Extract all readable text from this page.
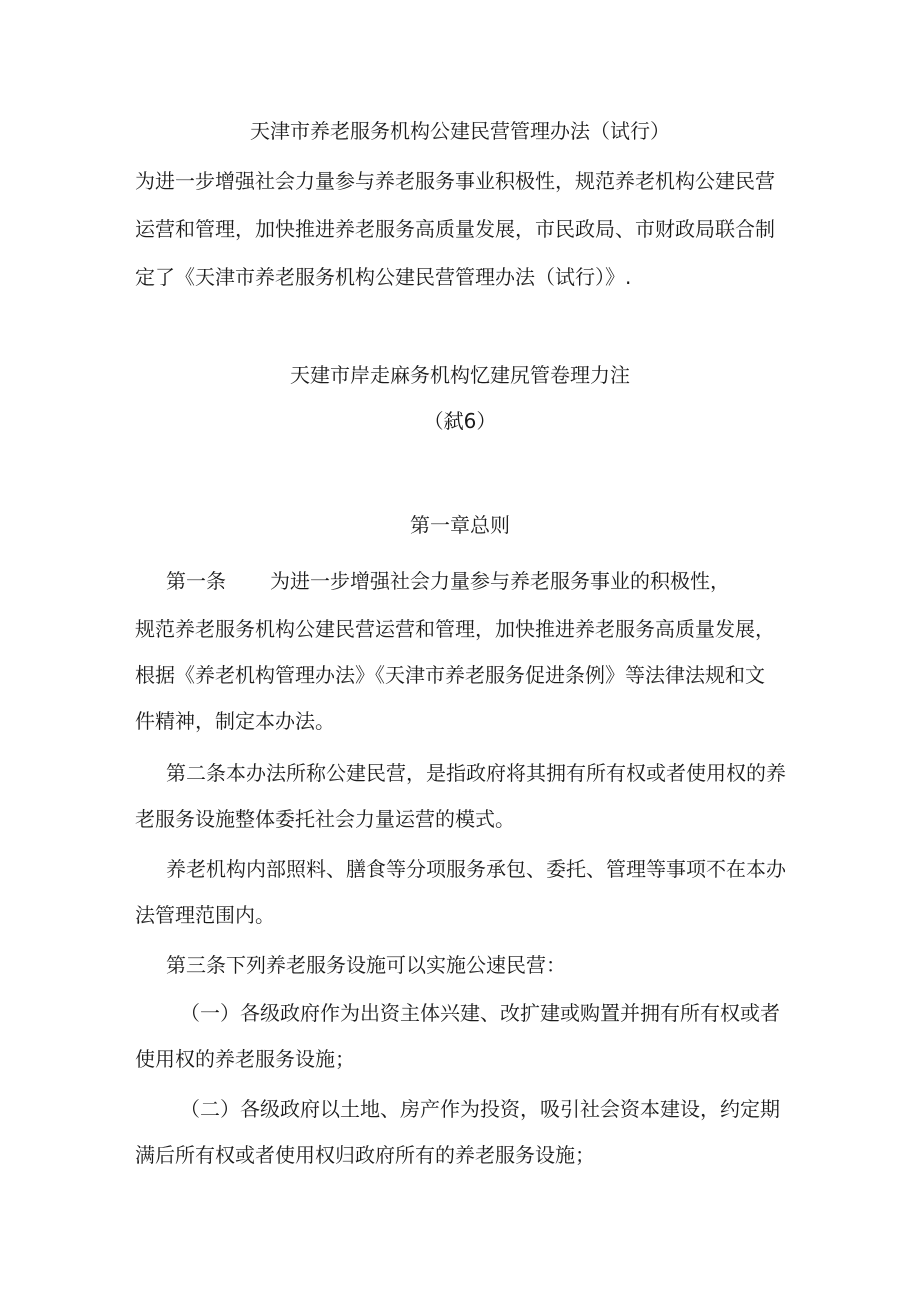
天津市养老服务机构公建民营管理办法（试行）
为进一步增强社会力量参与养老服务事业积极性，规范养老机构公建民营
运营和管理，加快推进养老服务高质量发展，市民政局、市财政局联合制
定了《天津市养老服务机构公建民营管理办法（试行）》.
天建市岸走麻务机构忆建尻管卷理力注
（弑6）
第一章总则
第一条 为进一步增强社会力量参与养老服务事业的积极性，
规范养老服务机构公建民营运营和管理，加快推进养老服务高质量发展，
根据《养老机构管理办法》《天津市养老服务促进条例》等法律法规和文
件精神，制定本办法。
第二条本办法所称公建民营，是指政府将其拥有所有权或者使用权的养
老服务设施整体委托社会力量运营的模式。
养老机构内部照料、膳食等分项服务承包、委托、管理等事项不在本办
法管理范围内。
第三条下列养老服务设施可以实施公速民营：
（一）各级政府作为出资主体兴建、改扩建或购置并拥有所有权或者
使用权的养老服务设施；
（二）各级政府以土地、房产作为投资，吸引社会资本建设，约定期
满后所有权或者使用权归政府所有的养老服务设施；
